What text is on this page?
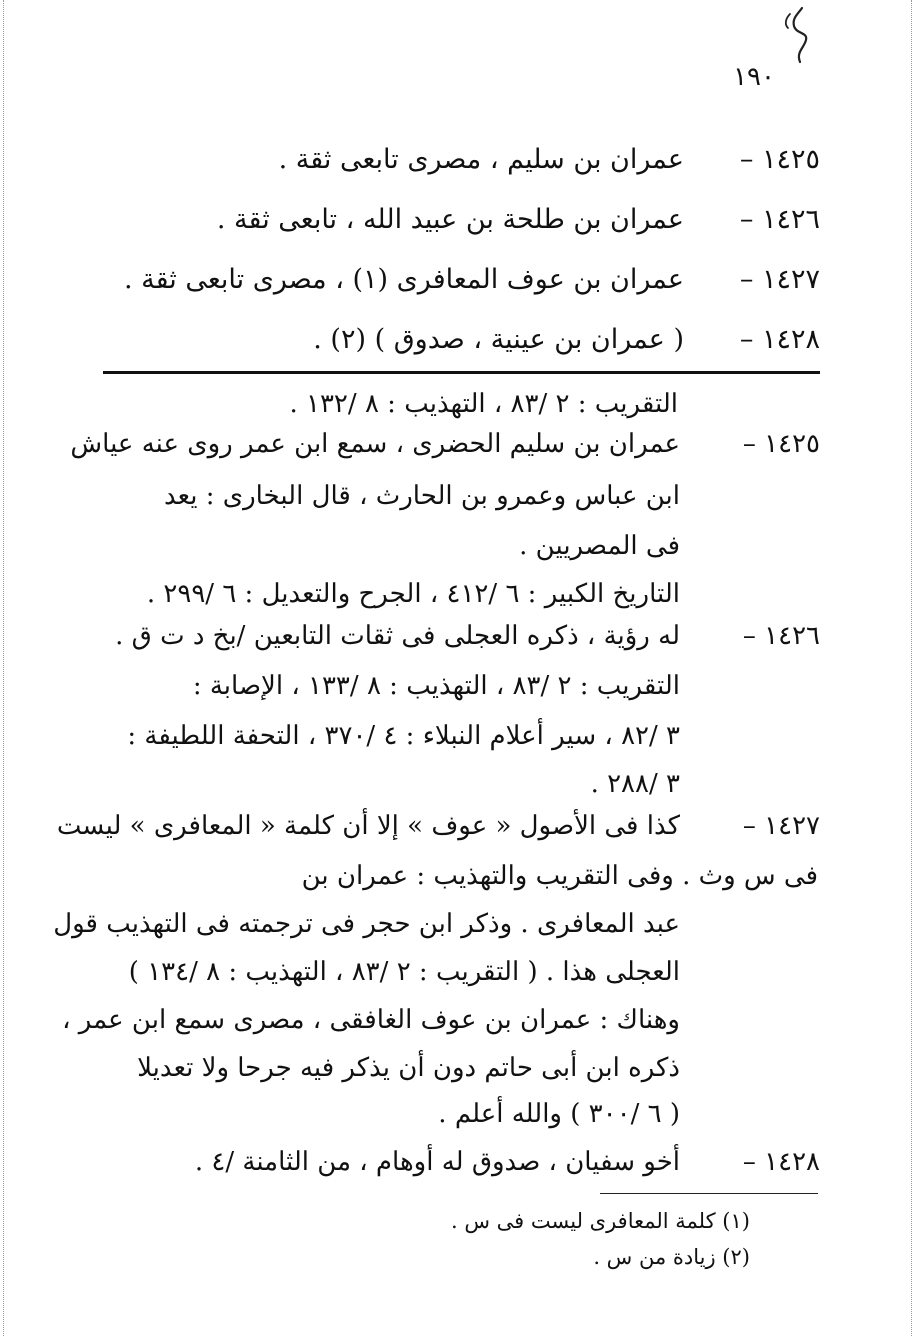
١٩٠
١٤٢٥ –
عمران بن سليم ، مصرى تابعى ثقة .
١٤٢٦ –
عمران بن طلحة بن عبيد الله ، تابعى ثقة .
١٤٢٧ –
عمران بن عوف المعافرى (١) ، مصرى تابعى ثقة .
١٤٢٨ –
( عمران بن عينية ، صدوق ) (٢) .
التقريب : ٢ /٨٣ ، التهذيب : ٨ /١٣٢ .
١٤٢٥ –
عمران بن سليم الحضرى ، سمع ابن عمر روى عنه عياش
ابن عباس وعمرو بن الحارث ، قال البخارى : يعد
فى المصريين .
التاريخ الكبير : ٦ /٤١٢ ، الجرح والتعديل : ٦ /٢٩٩ .
١٤٢٦ –
له رؤية ، ذكره العجلى فى ثقات التابعين /بخ د ت ق .
التقريب : ٢ /٨٣ ، التهذيب : ٨ /١٣٣ ، الإصابة :
٣ /٨٢ ، سير أعلام النبلاء : ٤ /٣٧٠ ، التحفة اللطيفة :
٣ /٢٨٨ .
١٤٢٧ –
كذا فى الأصول « عوف » إلا أن كلمة « المعافرى » ليست
فى س وث . وفى التقريب والتهذيب : عمران بن
عبد المعافرى . وذكر ابن حجر فى ترجمته فى التهذيب قول
العجلى هذا . ( التقريب : ٢ /٨٣ ، التهذيب : ٨ /١٣٤ )
وهناك : عمران بن عوف الغافقى ، مصرى سمع ابن عمر ،
ذكره ابن أبى حاتم دون أن يذكر فيه جرحا ولا تعديلا
( ٦ /٣٠٠ ) والله أعلم .
١٤٢٨ –
أخو سفيان ، صدوق له أوهام ، من الثامنة /٤ .
(١) كلمة المعافرى ليست فى س .
(٢) زيادة من س .
